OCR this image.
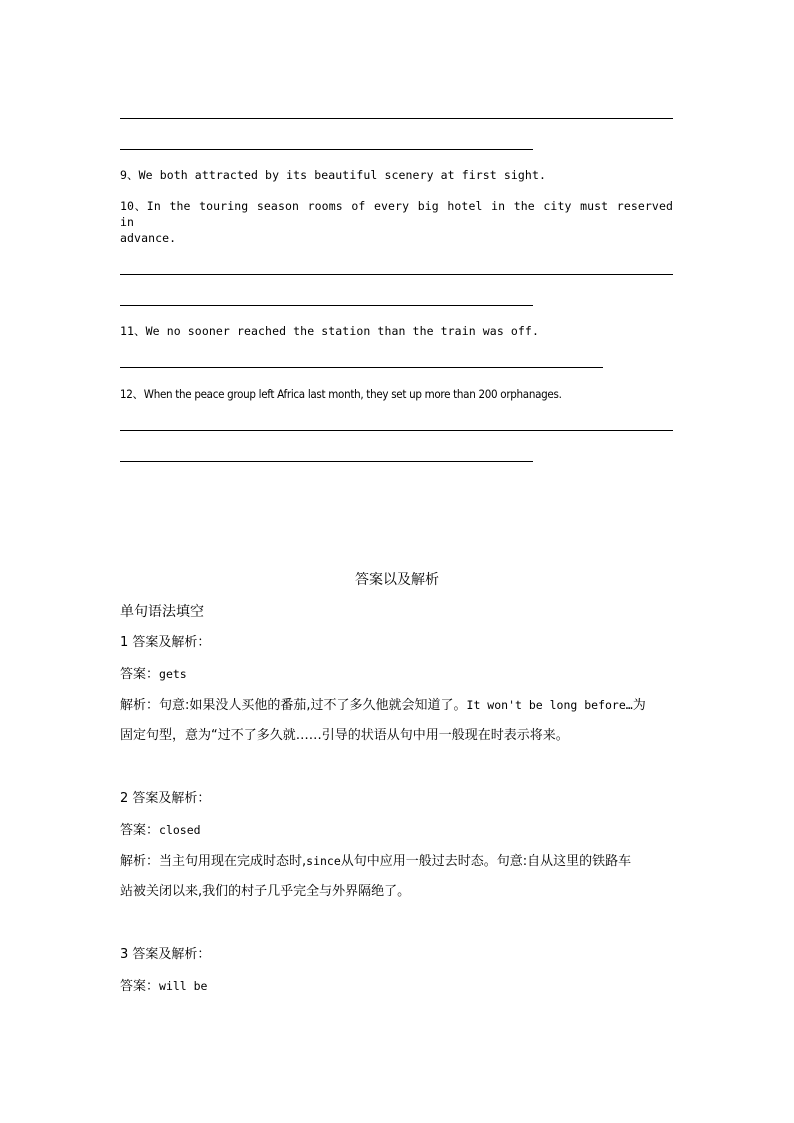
9、We both attracted by its beautiful scenery at first sight.
10、In the touring season rooms of every big hotel in the city must reserved in
advance.
11、We no sooner reached the station than the train was off.
12、When the peace group left Africa last month, they set up more than 200 orphanages.
答案以及解析
单句语法填空
1 答案及解析：
答案：gets
解析：句意:如果没人买他的番茄,过不了多久他就会知道了。It won't be long before…为
固定句型，意为“过不了多久就……引导的状语从句中用一般现在时表示将来。
2 答案及解析：
答案：closed
解析：当主句用现在完成时态时,since从句中应用一般过去时态。句意:自从这里的铁路车
站被关闭以来,我们的村子几乎完全与外界隔绝了。
3 答案及解析：
答案：will be
